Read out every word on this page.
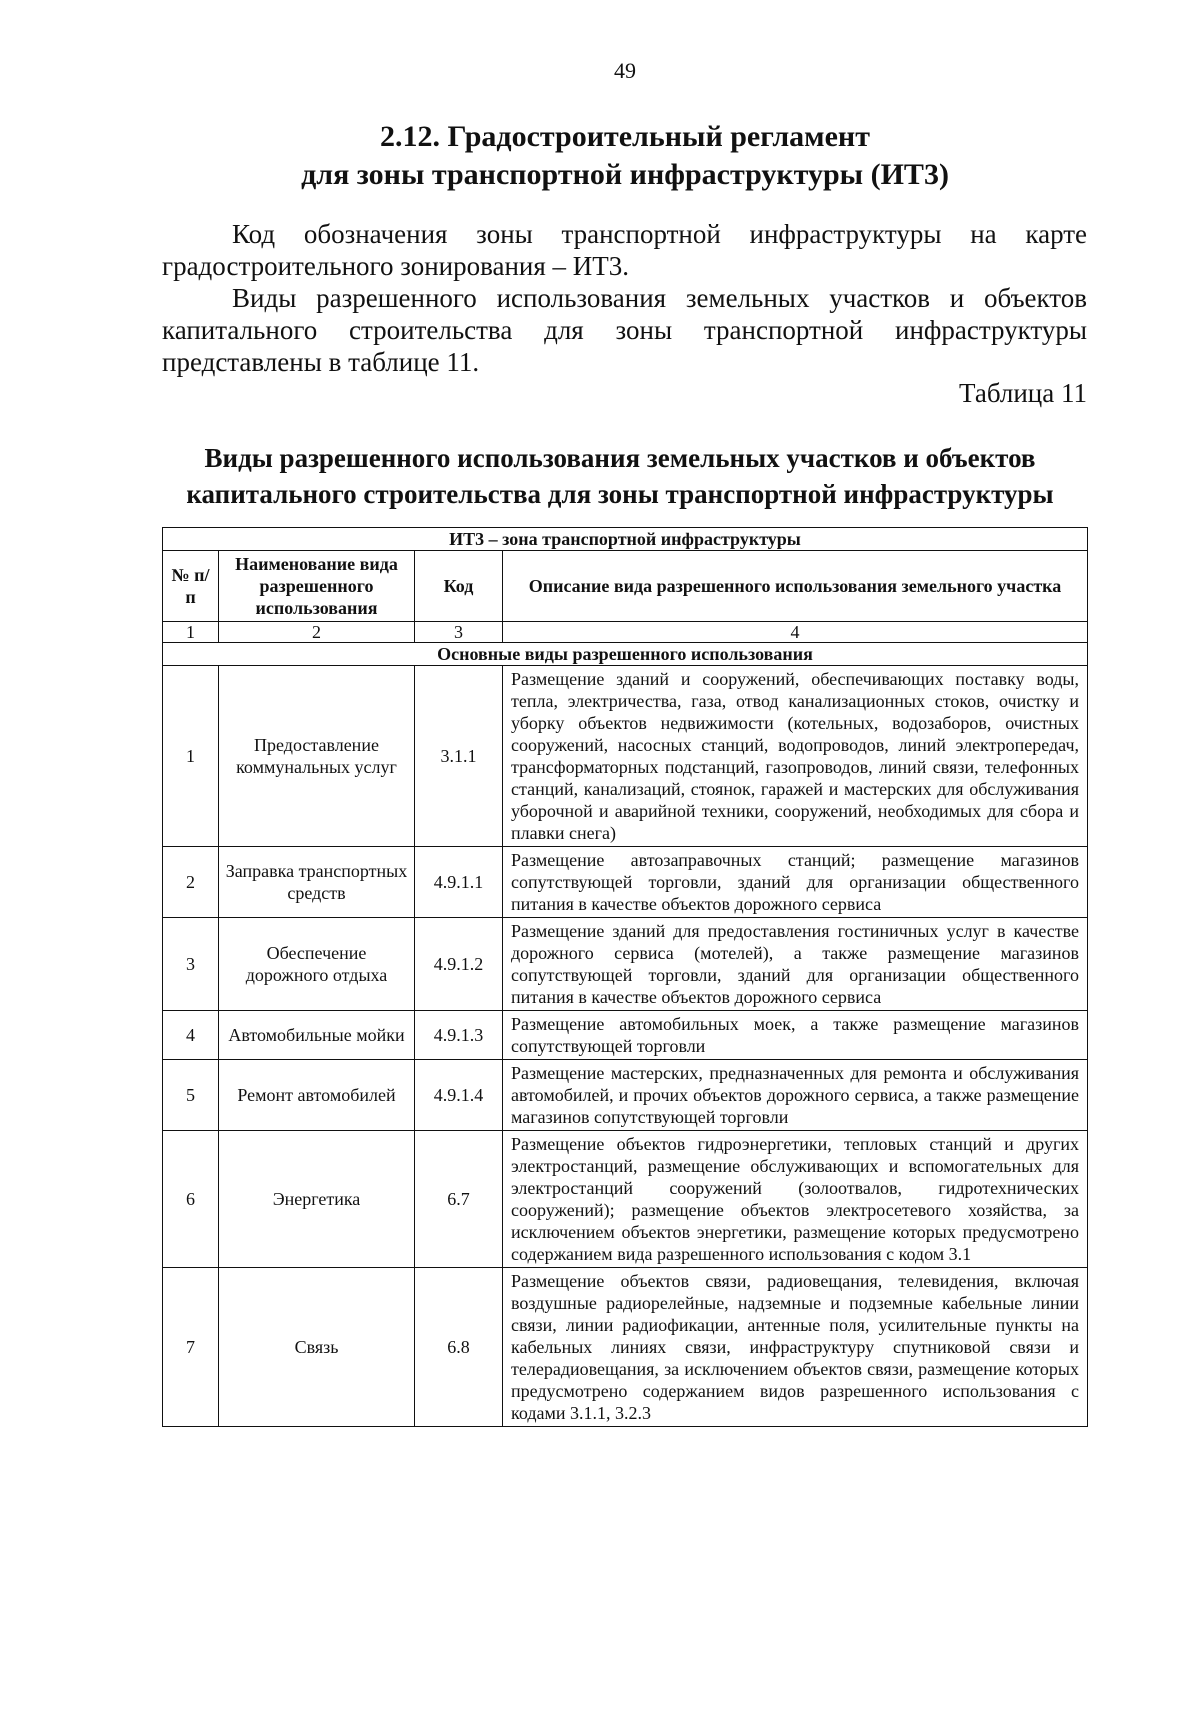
49
2.12. Градостроительный регламент
для зоны транспортной инфраструктуры (ИТ3)
Код обозначения зоны транспортной инфраструктуры на карте градостроительного зонирования – ИТ3.
Виды разрешенного использования земельных участков и объектов капитального строительства для зоны транспортной инфраструктуры представлены в таблице 11.
Таблица 11
Виды разрешенного использования земельных участков и объектов
капитального строительства для зоны транспортной инфраструктуры
ИТ3 – зона транспортной инфраструктуры			
№ п/п	Наименование вида разрешенного использования	Код	Описание вида разрешенного использования земельного участка
1	2	3	4
Основные виды разрешенного использования			
1	Предоставление коммунальных услуг	3.1.1	Размещение зданий и сооружений, обеспечивающих поставку воды, тепла, электричества, газа, отвод канализационных стоков, очистку и уборку объектов недвижимости (котельных, водозаборов, очистных сооружений, насосных станций, водопроводов, линий электропередач, трансформаторных подстанций, газопроводов, линий связи, телефонных станций, канализаций, стоянок, гаражей и мастерских для обслуживания уборочной и аварийной техники, сооружений, необходимых для сбора и плавки снега)
2	Заправка транспортных средств	4.9.1.1	Размещение автозаправочных станций; размещение магазинов сопутствующей торговли, зданий для организации общественного питания в качестве объектов дорожного сервиса
3	Обеспечение дорожного отдыха	4.9.1.2	Размещение зданий для предоставления гостиничных услуг в качестве дорожного сервиса (мотелей), а также размещение магазинов сопутствующей торговли, зданий для организации общественного питания в качестве объектов дорожного сервиса
4	Автомобильные мойки	4.9.1.3	Размещение автомобильных моек, а также размещение магазинов сопутствующей торговли
5	Ремонт автомобилей	4.9.1.4	Размещение мастерских, предназначенных для ремонта и обслуживания автомобилей, и прочих объектов дорожного сервиса, а также размещение магазинов сопутствующей торговли
6	Энергетика	6.7	Размещение объектов гидроэнергетики, тепловых станций и других электростанций, размещение обслуживающих и вспомогательных для электростанций сооружений (золоотвалов, гидротехнических сооружений); размещение объектов электросетевого хозяйства, за исключением объектов энергетики, размещение которых предусмотрено содержанием вида разрешенного использования с кодом 3.1
7	Связь	6.8	Размещение объектов связи, радиовещания, телевидения, включая воздушные радиорелейные, надземные и подземные кабельные линии связи, линии радиофикации, антенные поля, усилительные пункты на кабельных линиях связи, инфраструктуру спутниковой связи и телерадиовещания, за исключением объектов связи, размещение которых предусмотрено содержанием видов разрешенного использования с кодами 3.1.1, 3.2.3
